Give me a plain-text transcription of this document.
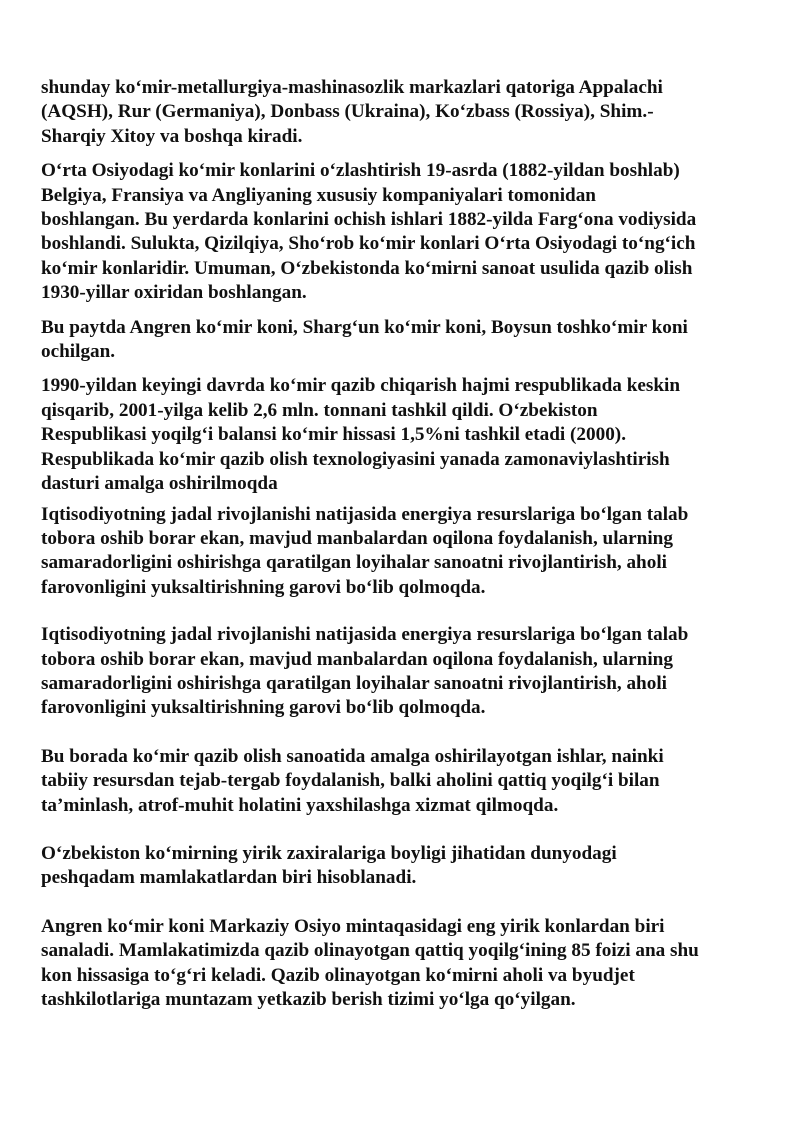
shunday koʻmir-metallurgiya-mashinasozlik markazlari qatoriga Appalachi
(AQSH), Rur (Germaniya), Donbass (Ukraina), Koʻzbass (Rossiya), Shim.-
Sharqiy Xitoy va boshqa kiradi.

Oʻrta Osiyodagi koʻmir konlarini oʻzlashtirish 19-asrda (1882-yildan boshlab)
Belgiya, Fransiya va Angliyaning xususiy kompaniyalari tomonidan
boshlangan. Bu yerdarda konlarini ochish ishlari 1882-yilda Fargʻona vodiysida
boshlandi. Sulukta, Qizilqiya, Shoʻrob koʻmir konlari Oʻrta Osiyodagi toʻngʻich
koʻmir konlaridir. Umuman, Oʻzbekistonda koʻmirni sanoat usulida qazib olish
1930-yillar oxiridan boshlangan.

Bu paytda Angren koʻmir koni, Shargʻun koʻmir koni, Boysun toshkoʻmir koni
ochilgan.

1990-yildan keyingi davrda koʻmir qazib chiqarish hajmi respublikada keskin
qisqarib, 2001-yilga kelib 2,6 mln. tonnani tashkil qildi. Oʻzbekiston
Respublikasi yoqilgʻi balansi koʻmir hissasi 1,5%ni tashkil etadi (2000).
Respublikada koʻmir qazib olish texnologiyasini yanada zamonaviylashtirish
dasturi amalga oshirilmoqda

Iqtisodiyotning jadal rivojlanishi natijasida energiya resurslariga boʻlgan talab
tobora oshib borar ekan, mavjud manbalardan oqilona foydalanish, ularning
samaradorligini oshirishga qaratilgan loyihalar sanoatni rivojlantirish, aholi
farovonligini yuksaltirishning garovi boʻlib qolmoqda.

Iqtisodiyotning jadal rivojlanishi natijasida energiya resurslariga boʻlgan talab
tobora oshib borar ekan, mavjud manbalardan oqilona foydalanish, ularning
samaradorligini oshirishga qaratilgan loyihalar sanoatni rivojlantirish, aholi
farovonligini yuksaltirishning garovi boʻlib qolmoqda.

Bu borada koʻmir qazib olish sanoatida amalga oshirilayotgan ishlar, nainki
tabiiy resursdan tejab-tergab foydalanish, balki aholini qattiq yoqilgʻi bilan
taʼminlash, atrof-muhit holatini yaxshilashga xizmat qilmoqda.

Oʻzbekiston koʻmirning yirik zaxiralariga boyligi jihatidan dunyodagi
peshqadam mamlakatlardan biri hisoblanadi.

Angren koʻmir koni Markaziy Osiyo mintaqasidagi eng yirik konlardan biri
sanaladi. Mamlakatimizda qazib olinayotgan qattiq yoqilgʻining 85 foizi ana shu
kon hissasiga toʻgʻri keladi. Qazib olinayotgan koʻmirni aholi va byudjet
tashkilotlariga muntazam yetkazib berish tizimi yoʻlga qoʻyilgan.
